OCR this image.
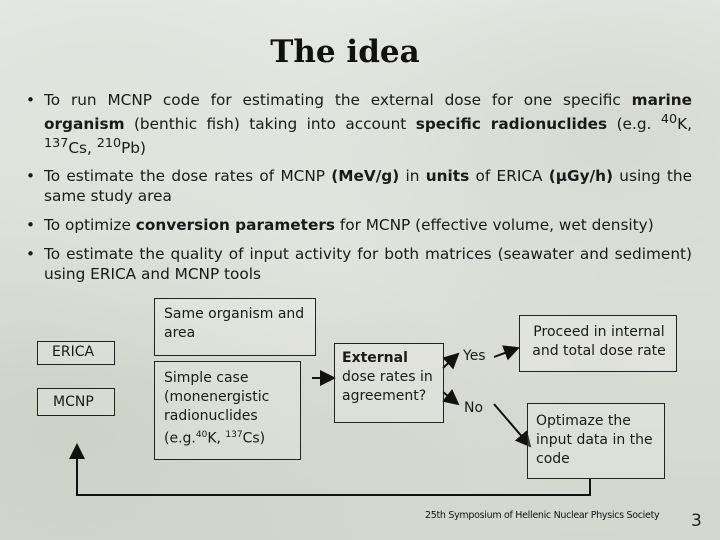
The idea
• To run MCNP code for estimating the external dose for one specific marine organism (benthic fish) taking into account specific radionuclides (e.g. $^{40}$K, $^{137}$Cs, $^{210}$Pb)
• To estimate the dose rates of MCNP (MeV/g) in units of ERICA (μGy/h) using the same study area
• To optimize conversion parameters for MCNP (effective volume, wet density)
• To estimate the quality of input activity for both matrices (seawater and sediment) using ERICA and MCNP tools
ERICA
MCNP
Same organism and area
Simple case (monenergistic radionuclides (e.g.$^{40}$K, $^{137}$Cs)
External dose rates in agreement?
Yes
No
Proceed in internal and total dose rate
Optimaze the input data in the code
25th Symposium of Hellenic Nuclear Physics Society 3
